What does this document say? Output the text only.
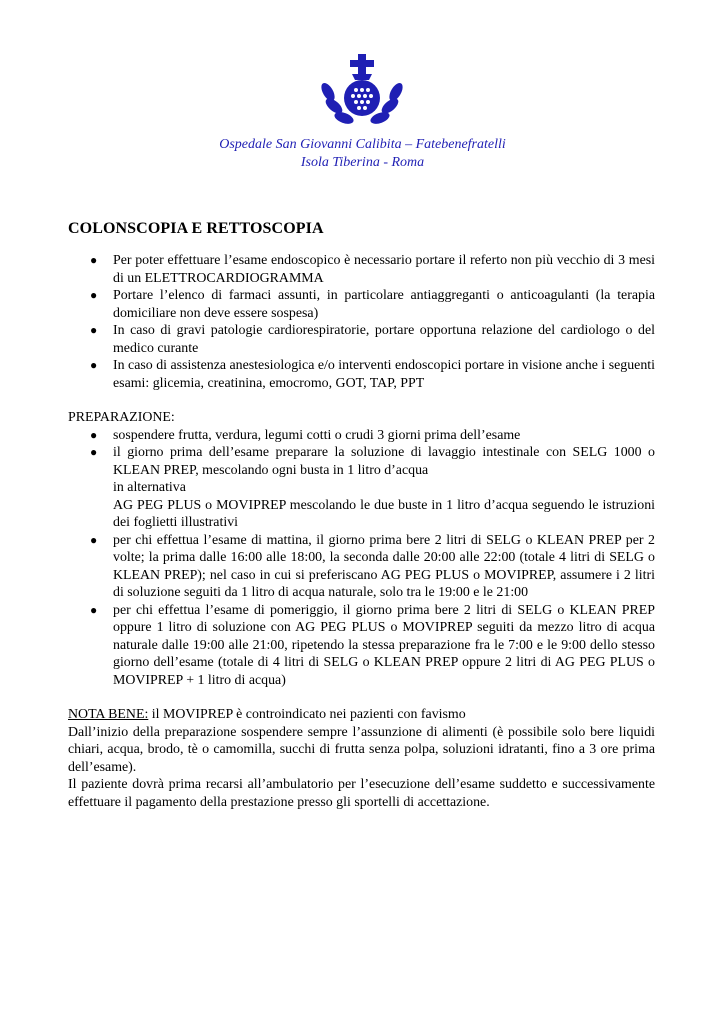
Ospedale San Giovanni Calibita – Fatebenefratelli
Isola Tiberina - Roma
COLONSCOPIA E RETTOSCOPIA
● Per poter effettuare l’esame endoscopico è necessario portare il referto non più vecchio di 3 mesi di un ELETTROCARDIOGRAMMA
● Portare l’elenco di farmaci assunti, in particolare antiaggreganti o anticoagulanti (la terapia domiciliare non deve essere sospesa)
● In caso di gravi patologie cardiorespiratorie, portare opportuna relazione del cardiologo o del medico curante
● In caso di assistenza anestesiologica e/o interventi endoscopici portare in visione anche i seguenti esami: glicemia, creatinina, emocromo, GOT, TAP, PPT
PREPARAZIONE:
● sospendere frutta, verdura, legumi cotti o crudi 3 giorni prima dell’esame
● il giorno prima dell’esame preparare la soluzione di lavaggio intestinale con SELG 1000 o KLEAN PREP, mescolando ogni busta in 1 litro d’acqua
in alternativa
AG PEG PLUS o MOVIPREP mescolando le due buste in 1 litro d’acqua seguendo le istruzioni dei foglietti illustrativi
● per chi effettua l’esame di mattina, il giorno prima bere 2 litri di SELG o KLEAN PREP per 2 volte; la prima dalle 16:00 alle 18:00, la seconda dalle 20:00 alle 22:00 (totale 4 litri di SELG o KLEAN PREP); nel caso in cui si preferiscano AG PEG PLUS o MOVIPREP, assumere i 2 litri di soluzione seguiti da 1 litro di acqua naturale, solo tra le 19:00 e le 21:00
● per chi effettua l’esame di pomeriggio, il giorno prima bere 2 litri di SELG o KLEAN PREP oppure 1 litro di soluzione con AG PEG PLUS o MOVIPREP seguiti da mezzo litro di acqua naturale dalle 19:00 alle 21:00, ripetendo la stessa preparazione fra le 7:00 e le 9:00 dello stesso giorno dell’esame (totale di 4 litri di SELG o KLEAN PREP oppure 2 litri di AG PEG PLUS o MOVIPREP + 1 litro di acqua)
NOTA BENE: il MOVIPREP è controindicato nei pazienti con favismo

Dall’inizio della preparazione sospendere sempre l’assunzione di alimenti (è possibile solo bere liquidi chiari, acqua, brodo, tè o camomilla, succhi di frutta senza polpa, soluzioni idratanti, fino a 3 ore prima dell’esame).

Il paziente dovrà prima recarsi all’ambulatorio per l’esecuzione dell’esame suddetto e successivamente effettuare il pagamento della prestazione presso gli sportelli di accettazione.
